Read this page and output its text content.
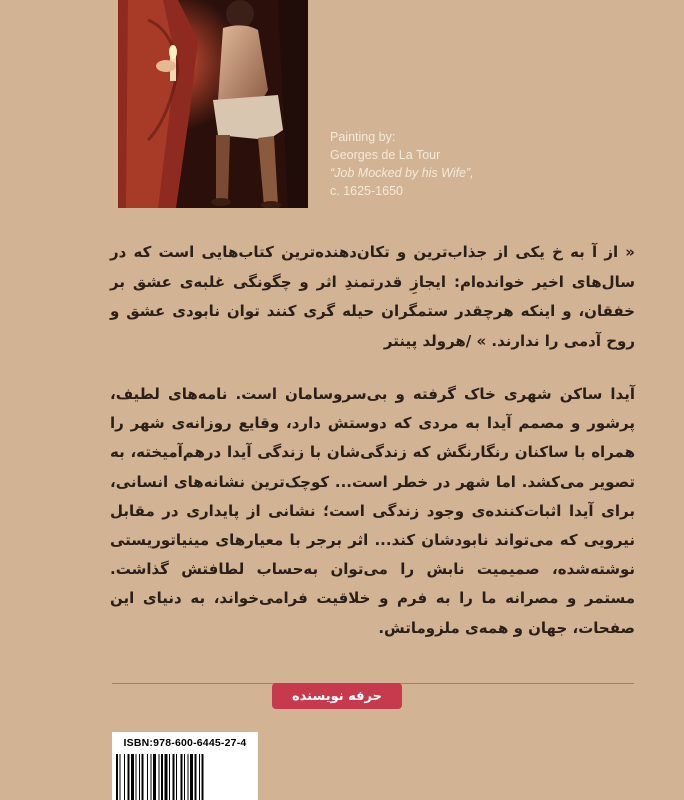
Painting by:
Georges de La Tour
“Job Mocked by his Wife”,
c. 1625-1650
« از آ به خ یکی از جذاب‌ترین و تکان‌دهنده‌ترین کتاب‌هایی است که در سال‌های اخیر خوانده‌ام: ایجازِ قدرتمندِ اثر و چگونگی غلبه‌ی عشق بر خفقان، و اینکه هرچقدر ستمگران حیله گری کنند توان نابودی عشق و روح آدمی را ندارند. » /هرولد پینتر
آیدا ساکن شهری خاک گرفته و بی‌سروسامان است. نامه‌های لطیف، پرشور و مصمم آیدا به مردی که دوستش دارد، وقایع روزانه‌ی شهر را همراه با ساکنان رنگارنگش که زندگی‌شان با زندگی آیدا درهم‌آمیخته، به تصویر می‌کشد. اما شهر در خطر است... کوچک‌ترین نشانه‌های انسانی، برای آیدا اثبات‌کننده‌ی وجود زندگی است؛ نشانی از پایداری در مقابل نیرویی که می‌تواند نابودشان کند... اثر برجر با معیارهای مینیاتوریستی نوشته‌شده، صمیمیت نابش را می‌توان به‌حساب لطافتش گذاشت. مستمر و مصرانه ما را به فرم و خلاقیت فرامی‌خواند، به دنیای این صفحات، جهان و همه‌ی ملزوماتش.
حرفه نویسنده
ISBN:978-600-6445-27-4
